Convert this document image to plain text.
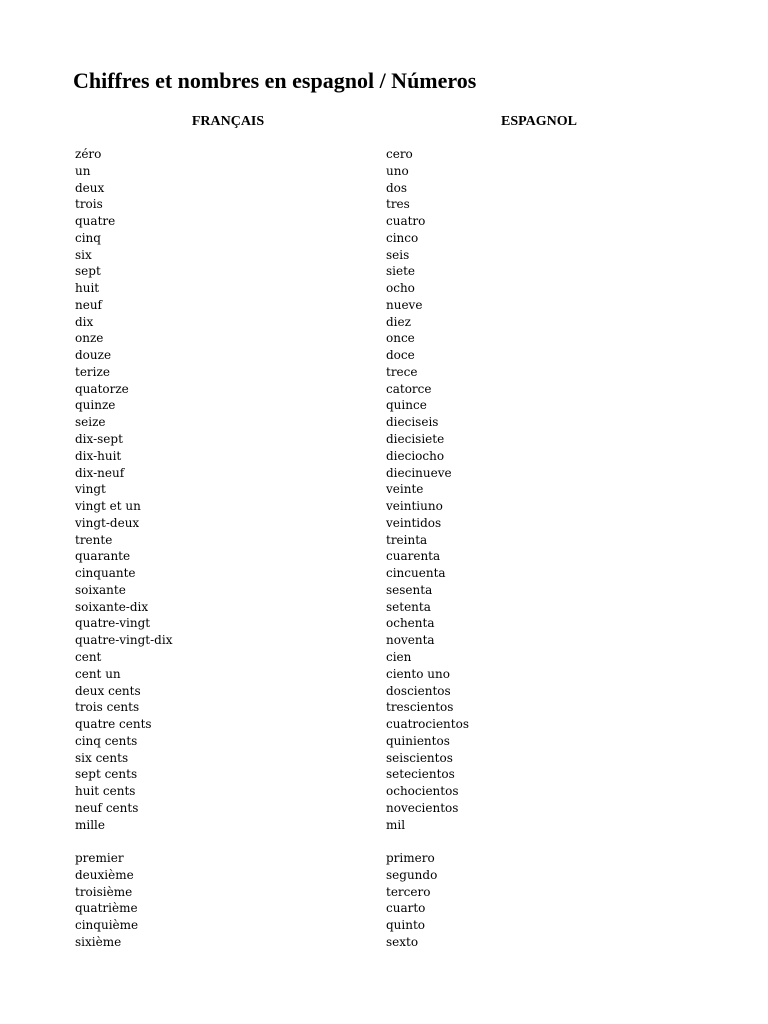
Chiffres et nombres en espagnol / Números
FRANÇAIS	ESPAGNOL
zéro
un
deux
trois
quatre
cinq
six
sept
huit
neuf
dix
onze
douze
terize
quatorze
quinze
seize
dix-sept
dix-huit
dix-neuf
vingt
vingt et un
vingt-deux
trente
quarante
cinquante
soixante
soixante-dix
quatre-vingt
quatre-vingt-dix
cent
cent un
deux cents
trois cents
quatre cents
cinq cents
six cents
sept cents
huit cents
neuf cents
mille
premier
deuxième
troisième
quatrième
cinquième
sixième
cero
uno
dos
tres
cuatro
cinco
seis
siete
ocho
nueve
diez
once
doce
trece
catorce
quince
dieciseis
diecisiete
dieciocho
diecinueve
veinte
veintiuno
veintidos
treinta
cuarenta
cincuenta
sesenta
setenta
ochenta
noventa
cien
ciento uno
doscientos
trescientos
cuatrocientos
quinientos
seiscientos
setecientos
ochocientos
novecientos
mil
primero
segundo
tercero
cuarto
quinto
sexto
